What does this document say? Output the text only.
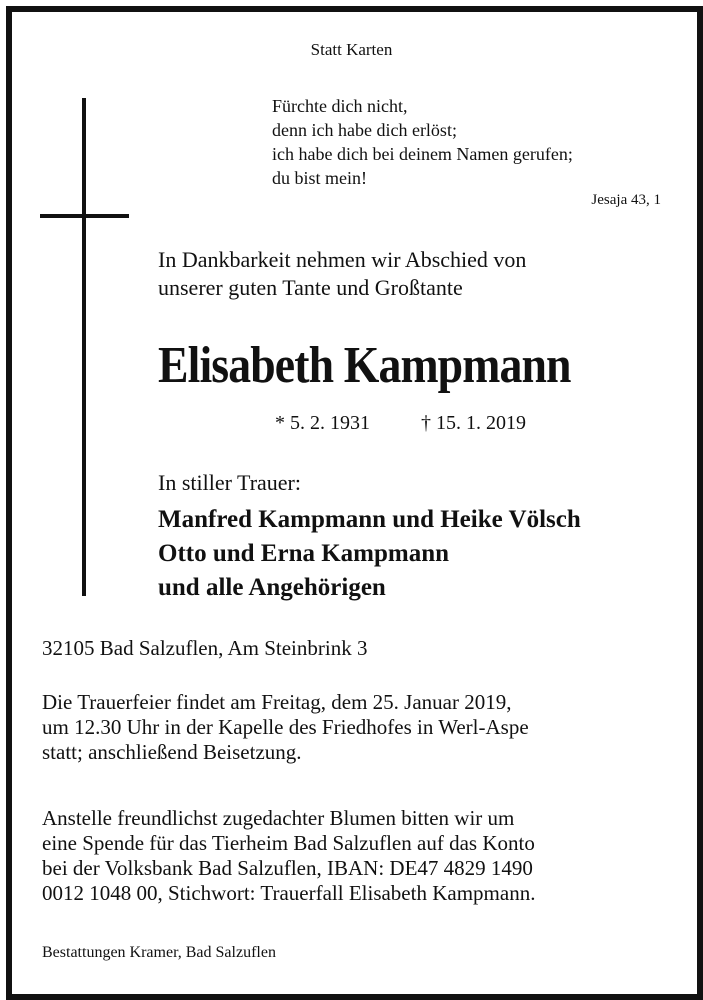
Statt Karten
Fürchte dich nicht,
denn ich habe dich erlöst;
ich habe dich bei deinem Namen gerufen;
du bist mein!
Jesaja 43, 1
In Dankbarkeit nehmen wir Abschied von
unserer guten Tante und Großtante
Elisabeth Kampmann
* 5. 2. 1931	† 15. 1. 2019
In stiller Trauer:
Manfred Kampmann und Heike Völsch
Otto und Erna Kampmann
und alle Angehörigen
32105 Bad Salzuflen, Am Steinbrink 3
Die Trauerfeier findet am Freitag, dem 25. Januar 2019,
um 12.30 Uhr in der Kapelle des Friedhofes in Werl-Aspe
statt; anschließend Beisetzung.
Anstelle freundlichst zugedachter Blumen bitten wir um
eine Spende für das Tierheim Bad Salzuflen auf das Konto
bei der Volksbank Bad Salzuflen, IBAN: DE47 4829 1490
0012 1048 00, Stichwort: Trauerfall Elisabeth Kampmann.
Bestattungen Kramer, Bad Salzuflen
